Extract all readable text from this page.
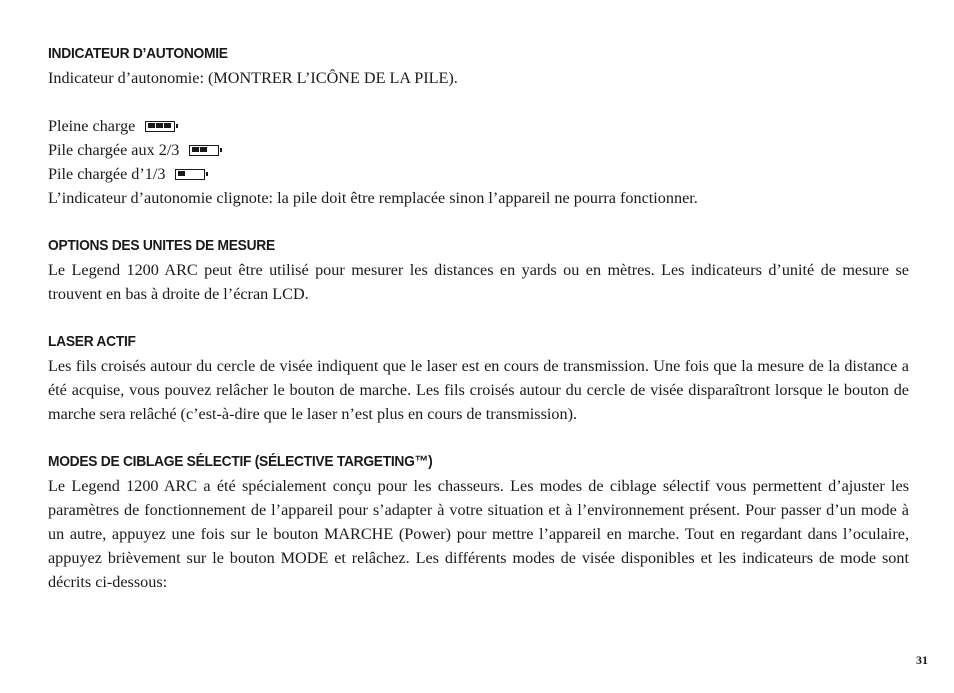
INDICATEUR D’AUTONOMIE

Indicateur d’autonomie: (MONTRER L’ICÔNE DE LA PILE).

Pleine charge
Pile chargée aux 2/3
Pile chargée d’1/3

L’indicateur d’autonomie clignote: la pile doit être remplacée sinon l’appareil ne pourra fonctionner.

OPTIONS DES UNITES DE MESURE

Le Legend 1200 ARC peut être utilisé pour mesurer les distances en yards ou en mètres. Les indicateurs d’unité de mesure se trouvent en bas à droite de l’écran LCD.

LASER ACTIF

Les fils croisés autour du cercle de visée indiquent que le laser est en cours de transmission. Une fois que la mesure de la distance a été acquise, vous pouvez relâcher le bouton de marche. Les fils croisés autour du cercle de visée disparaîtront lorsque le bouton de marche sera relâché (c’est-à-dire que le laser n’est plus en cours de transmission).

MODES DE CIBLAGE SÉLECTIF (SÉLECTIVE TARGETING™)

Le Legend 1200 ARC a été spécialement conçu pour les chasseurs. Les modes de ciblage sélectif vous permettent d’ajuster les paramètres de fonctionnement de l’appareil pour s’adapter à votre situation et à l’environnement présent. Pour passer d’un mode à un autre, appuyez une fois sur le bouton MARCHE (Power) pour mettre l’appareil en marche. Tout en regardant dans l’oculaire, appuyez brièvement sur le bouton MODE et relâchez. Les différents modes de visée disponibles et les indicateurs de mode sont décrits ci-dessous:

31
